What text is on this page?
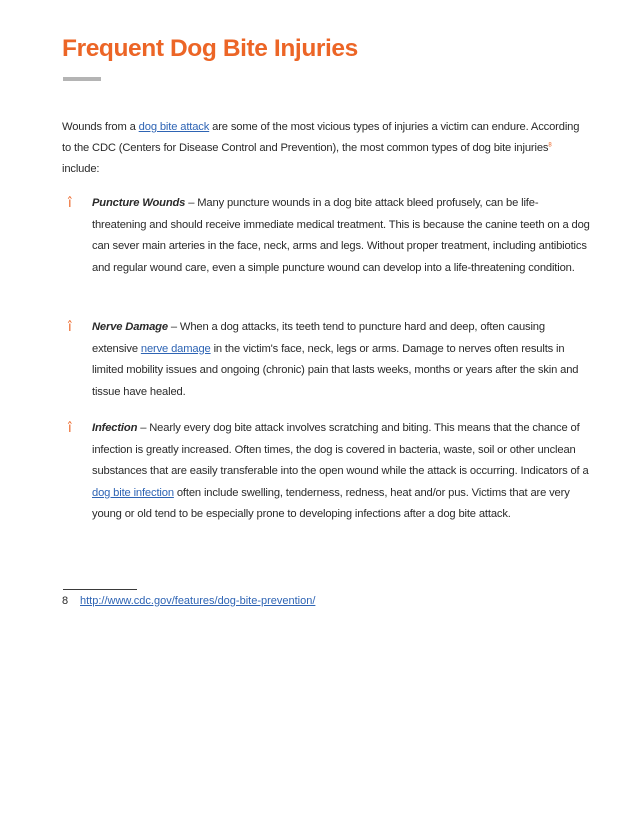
Frequent Dog Bite Injuries

Wounds from a dog bite attack are some of the most vicious types of injuries a victim can endure. According to the CDC (Centers for Disease Control and Prevention), the most common types of dog bite injuries$^8$ include:

î Puncture Wounds – Many puncture wounds in a dog bite attack bleed profusely, can be life-threatening and should receive immediate medical treatment. This is because the canine teeth on a dog can sever main arteries in the face, neck, arms and legs. Without proper treatment, including antibiotics and regular wound care, even a simple puncture wound can develop into a life-threatening condition.

î Nerve Damage – When a dog attacks, its teeth tend to puncture hard and deep, often causing extensive nerve damage in the victim's face, neck, legs or arms. Damage to nerves often results in limited mobility issues and ongoing (chronic) pain that lasts weeks, months or years after the skin and tissue have healed.

î Infection – Nearly every dog bite attack involves scratching and biting. This means that the chance of infection is greatly increased. Often times, the dog is covered in bacteria, waste, soil or other unclean substances that are easily transferable into the open wound while the attack is occurring. Indicators of a dog bite infection often include swelling, tenderness, redness, heat and/or pus. Victims that are very young or old tend to be especially prone to developing infections after a dog bite attack.

8 http://www.cdc.gov/features/dog-bite-prevention/
